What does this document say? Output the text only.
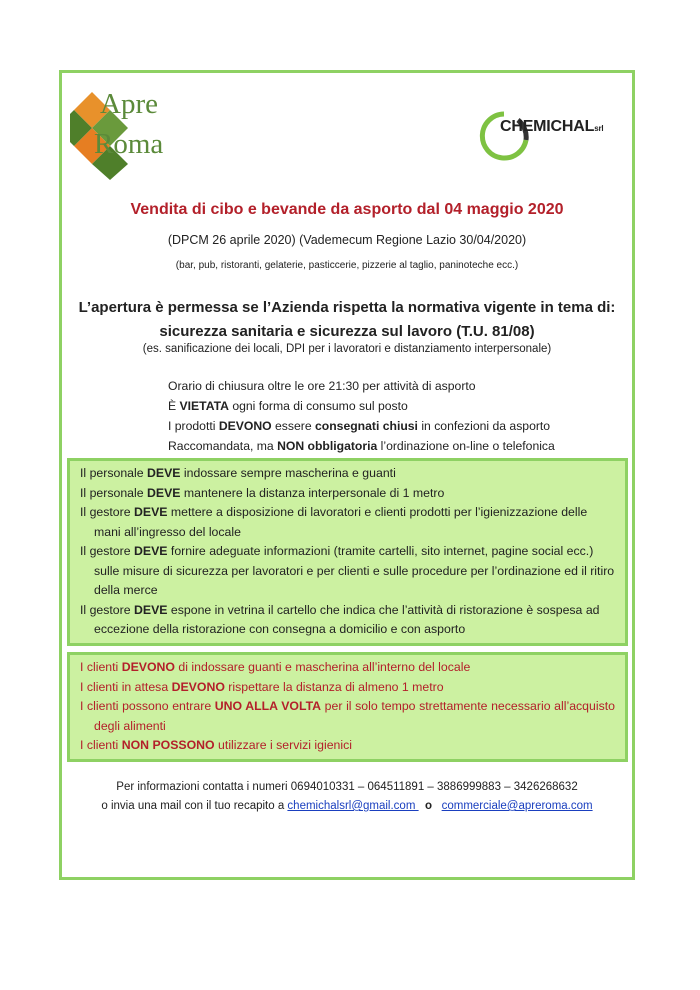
Apre
Roma
CHEMICHALsrl
Vendita di cibo e bevande da asporto dal 04 maggio 2020
(DPCM 26 aprile 2020) (Vademecum Regione Lazio 30/04/2020)
(bar, pub, ristoranti, gelaterie, pasticcerie, pizzerie al taglio, paninoteche ecc.)
L’apertura è permessa se l’Azienda rispetta la normativa vigente in tema di:
sicurezza sanitaria e sicurezza sul lavoro (T.U. 81/08)
(es. sanificazione dei locali, DPI per i lavoratori e distanziamento interpersonale)
Orario di chiusura oltre le ore 21:30 per attività di asporto
È VIETATA ogni forma di consumo sul posto
I prodotti DEVONO essere consegnati chiusi in confezioni da asporto
Raccomandata, ma NON obbligatoria l’ordinazione on-line o telefonica
Il personale DEVE indossare sempre mascherina e guanti
Il personale DEVE mantenere la distanza interpersonale di 1 metro
Il gestore DEVE mettere a disposizione di lavoratori e clienti prodotti per l’igienizzazione delle mani all’ingresso del locale
Il gestore DEVE fornire adeguate informazioni (tramite cartelli, sito internet, pagine social ecc.) sulle misure di sicurezza per lavoratori e per clienti e sulle procedure per l’ordinazione ed il ritiro della merce
Il gestore DEVE espone in vetrina il cartello che indica che l’attività di ristorazione è sospesa ad eccezione della ristorazione con consegna a domicilio e con asporto
I clienti DEVONO di indossare guanti e mascherina all’interno del locale
I clienti in attesa DEVONO rispettare la distanza di almeno 1 metro
I clienti possono entrare UNO ALLA VOLTA per il solo tempo strettamente necessario all’acquisto degli alimenti
I clienti NON POSSONO utilizzare i servizi igienici
Per informazioni contatta i numeri 0694010331 – 064511891 – 3886999883 – 3426268632
o invia una mail con il tuo recapito a chemichalsrl@gmail.com   o   commerciale@apreroma.com
